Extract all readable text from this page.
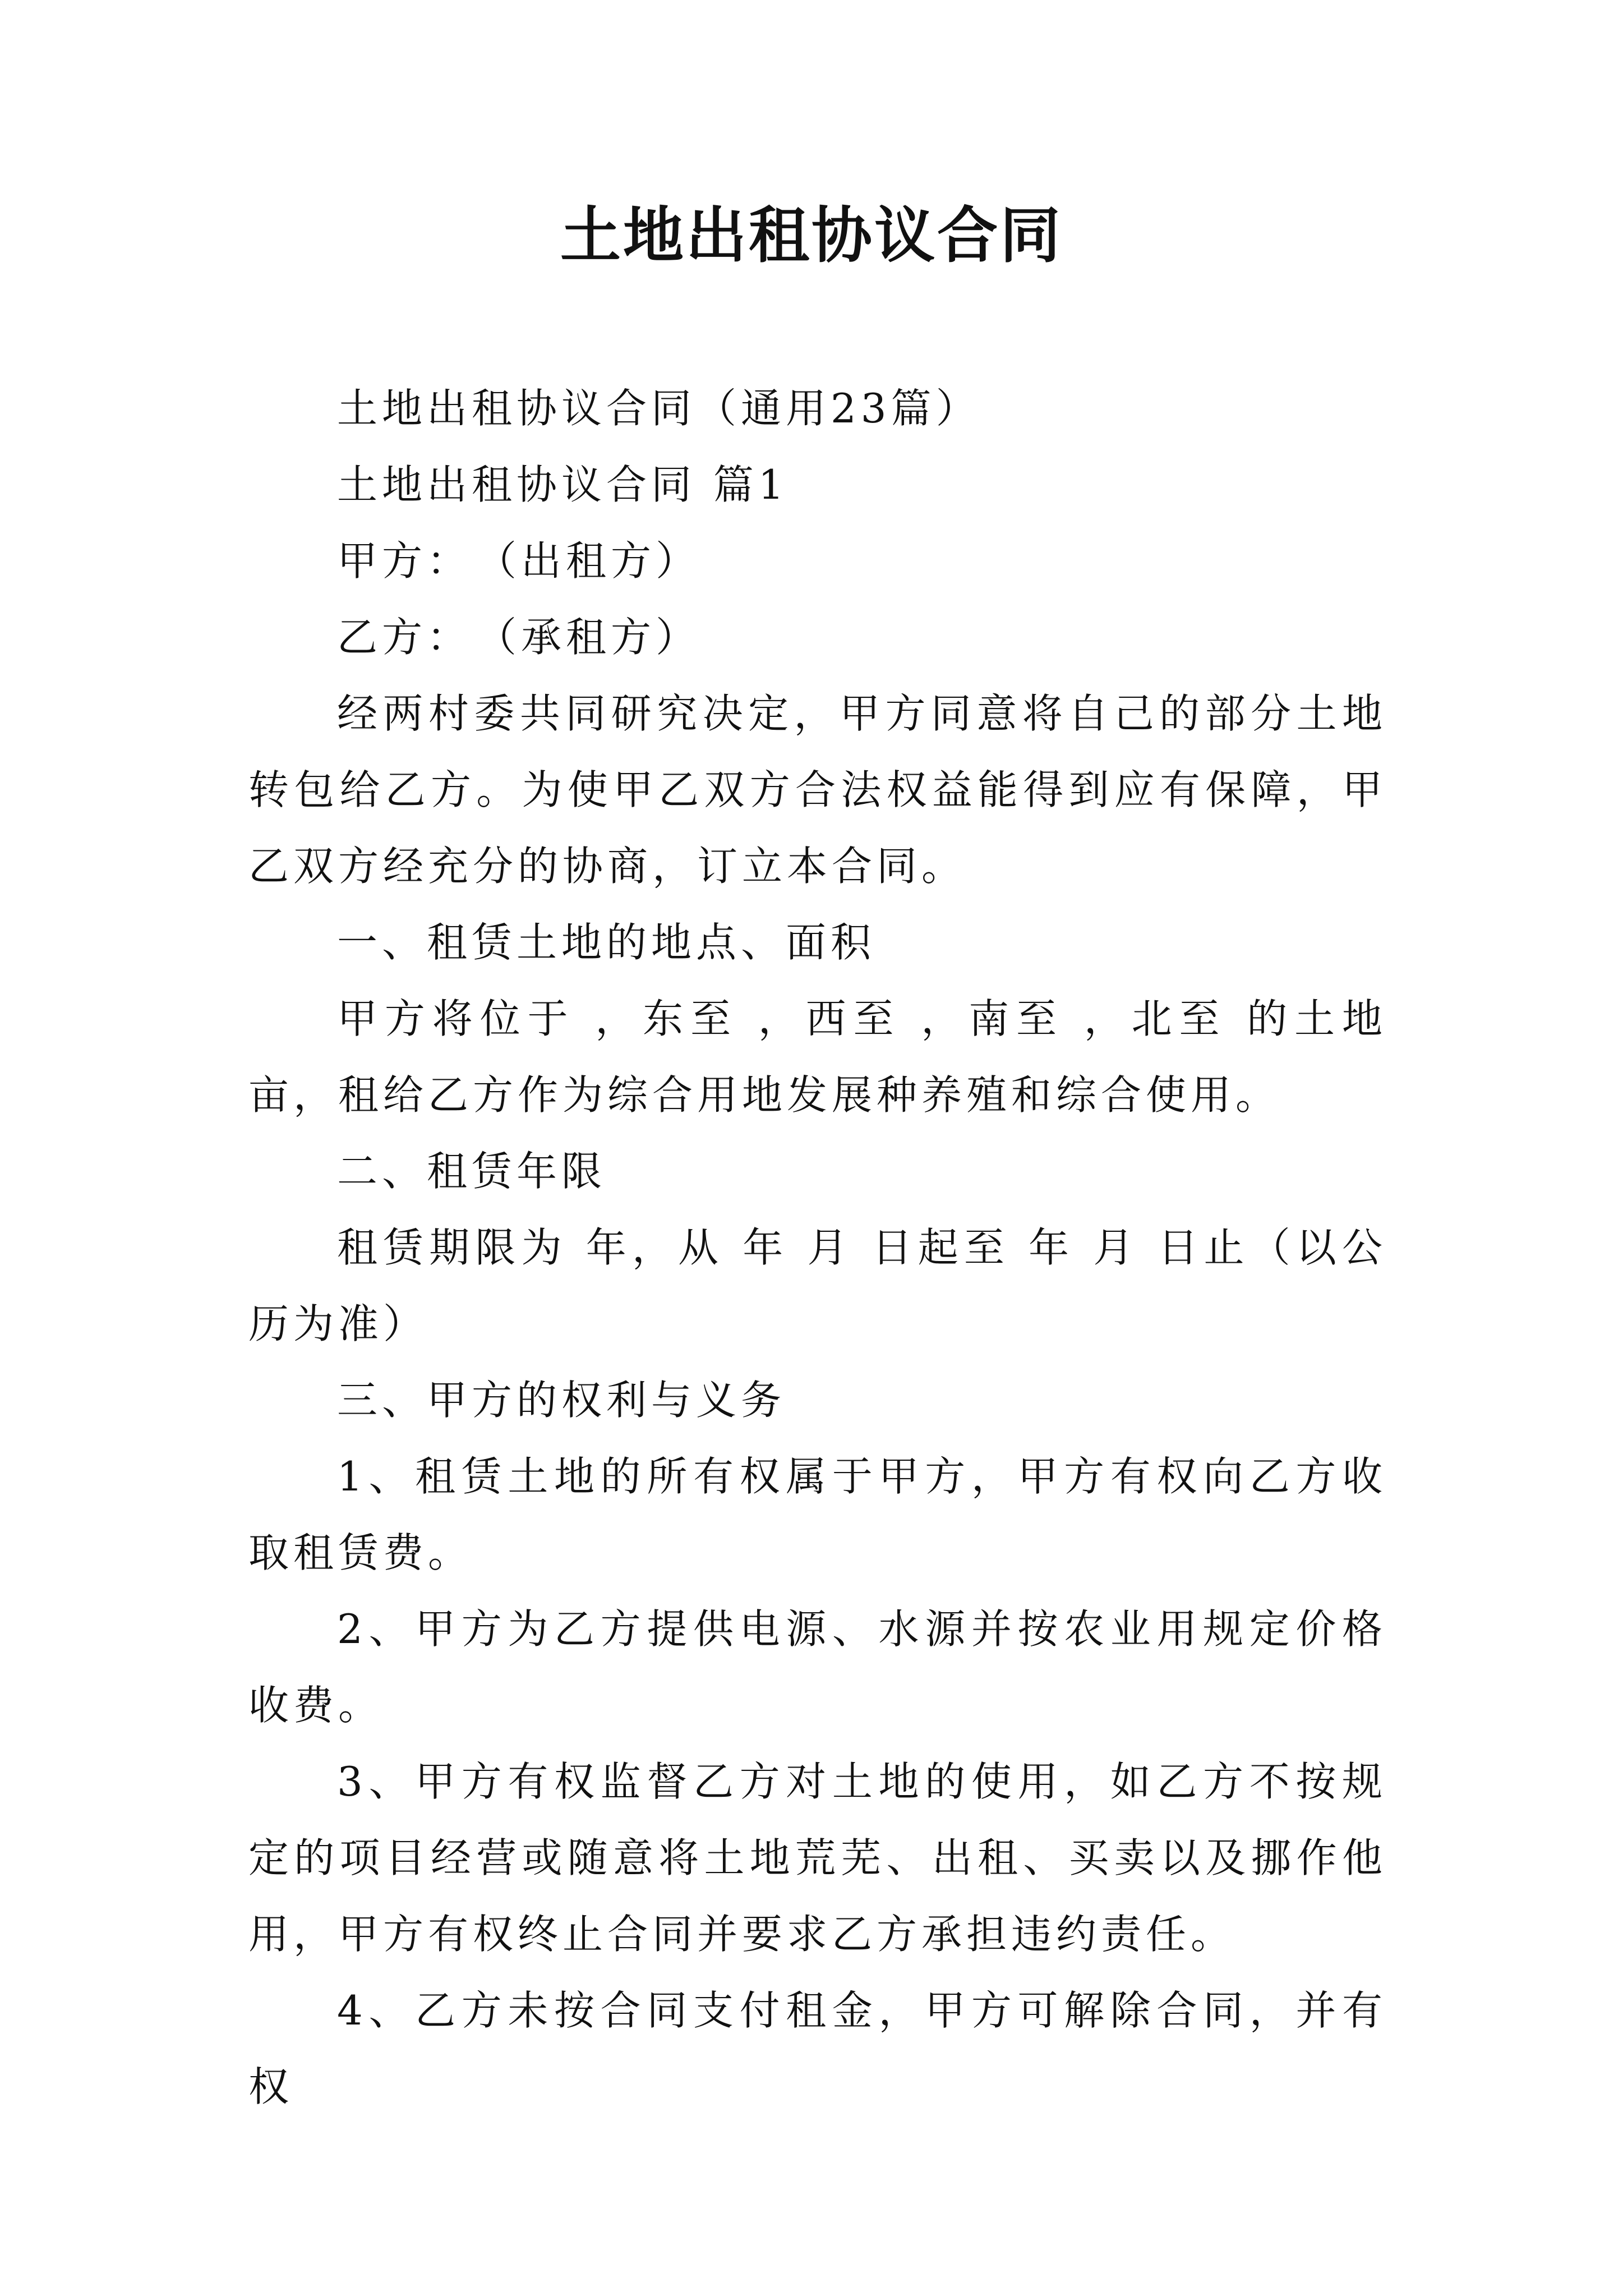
土地出租协议合同

土地出租协议合同（通用23篇）

土地出租协议合同 篇1

甲方：　（出租方）

乙方：　（承租方）

经两村委共同研究决定，甲方同意将自己的部分土地转包给乙方。为使甲乙双方合法权益能得到应有保障，甲乙双方经充分的协商，订立本合同。

一、租赁土地的地点、面积

甲方将位于 ，东至 ，西至 ，南至 ，北至 的土地 亩，租给乙方作为综合用地发展种养殖和综合使用。

二、租赁年限

租赁期限为 年，从 年 月 日起至 年 月 日止（以公历为准）

三、甲方的权利与义务

1、租赁土地的所有权属于甲方，甲方有权向乙方收取租赁费。

2、甲方为乙方提供电源、水源并按农业用规定价格收费。

3、甲方有权监督乙方对土地的使用，如乙方不按规定的项目经营或随意将土地荒芜、出租、买卖以及挪作他用，甲方有权终止合同并要求乙方承担违约责任。

4、乙方未按合同支付租金，甲方可解除合同，并有权
